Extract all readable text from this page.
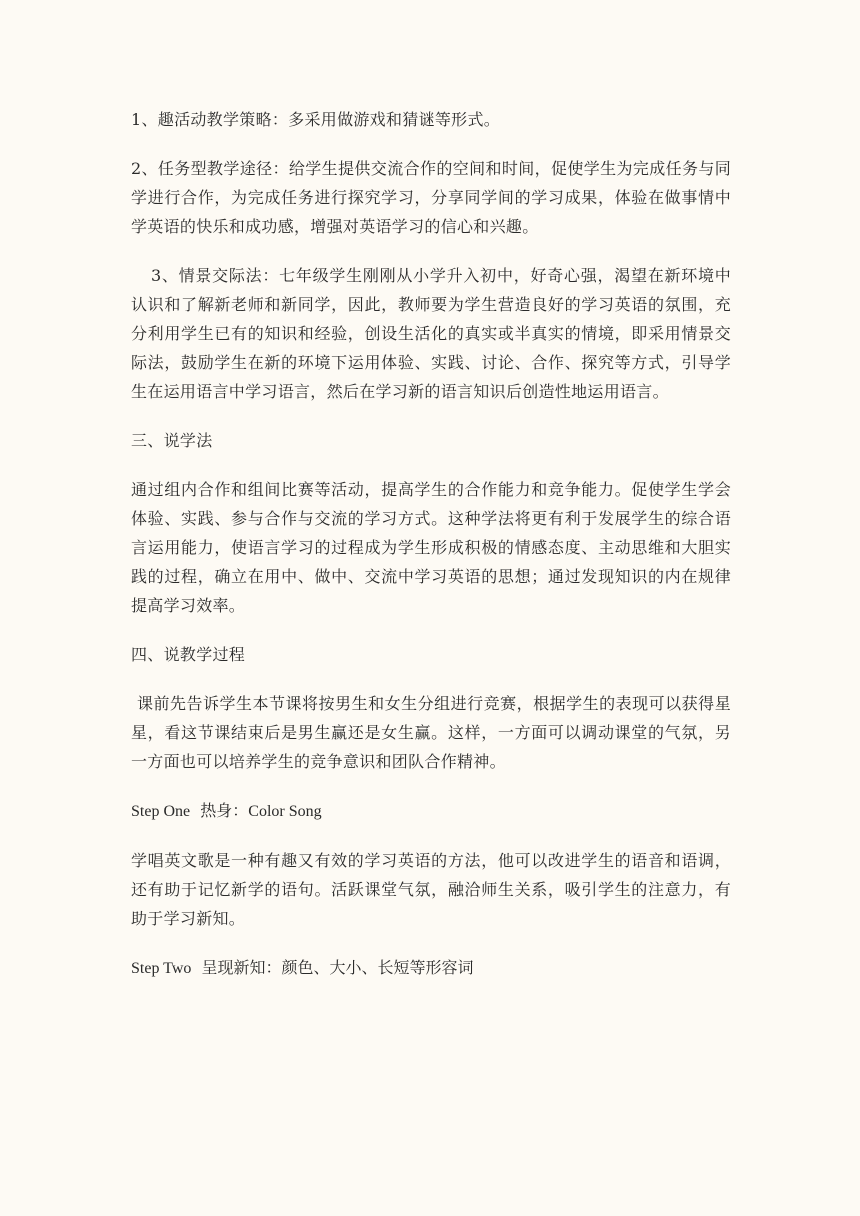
1、趣活动教学策略：多采用做游戏和猜谜等形式。

2、任务型教学途径：给学生提供交流合作的空间和时间，促使学生为完成任务与同学进行合作，为完成任务进行探究学习，分享同学间的学习成果，体验在做事情中学英语的快乐和成功感，增强对英语学习的信心和兴趣。

3、情景交际法：七年级学生刚刚从小学升入初中，好奇心强，渴望在新环境中认识和了解新老师和新同学，因此，教师要为学生营造良好的学习英语的氛围，充分利用学生已有的知识和经验，创设生活化的真实或半真实的情境，即采用情景交际法，鼓励学生在新的环境下运用体验、实践、讨论、合作、探究等方式，引导学生在运用语言中学习语言，然后在学习新的语言知识后创造性地运用语言。

三、说学法

通过组内合作和组间比赛等活动，提高学生的合作能力和竞争能力。促使学生学会体验、实践、参与合作与交流的学习方式。这种学法将更有利于发展学生的综合语言运用能力，使语言学习的过程成为学生形成积极的情感态度、主动思维和大胆实践的过程，确立在用中、做中、交流中学习英语的思想；通过发现知识的内在规律提高学习效率。

四、说教学过程

课前先告诉学生本节课将按男生和女生分组进行竞赛，根据学生的表现可以获得星星，看这节课结束后是男生赢还是女生赢。这样，一方面可以调动课堂的气氛，另一方面也可以培养学生的竞争意识和团队合作精神。

Step One 热身：Color Song

学唱英文歌是一种有趣又有效的学习英语的方法，他可以改进学生的语音和语调，还有助于记忆新学的语句。活跃课堂气氛，融洽师生关系，吸引学生的注意力，有助于学习新知。

Step Two 呈现新知：颜色、大小、长短等形容词
